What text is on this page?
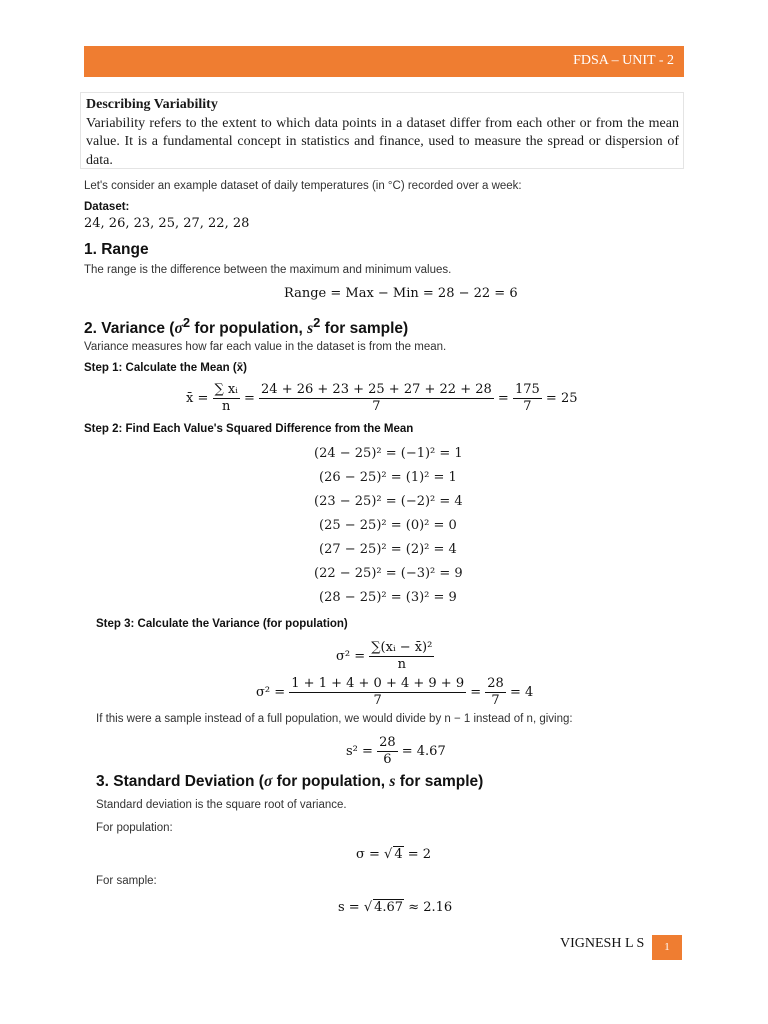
FDSA – UNIT - 2
Describing Variability
Variability refers to the extent to which data points in a dataset differ from each other or from the mean value. It is a fundamental concept in statistics and finance, used to measure the spread or dispersion of data.
Let's consider an example dataset of daily temperatures (in °C) recorded over a week:
Dataset:
24, 26, 23, 25, 27, 22, 28
1. Range
The range is the difference between the maximum and minimum values.
Range = Max − Min = 28 − 22 = 6
2. Variance ($\sigma^2$ for population, $s^2$ for sample)
Variance measures how far each value in the dataset is from the mean.
Step 1: Calculate the Mean (x̄)
x̄ = $\frac{\text{∑ xᵢ}}{n} = \frac{24 + 26 + 23 + 25 + 27 + 22 + 28}{7} = \frac{175}{7} = 25$
Step 2: Find Each Value's Squared Difference from the Mean
(24 − 25)² = (−1)² = 1
(26 − 25)² = (1)² = 1
(23 − 25)² = (−2)² = 4
(25 − 25)² = (0)² = 0
(27 − 25)² = (2)² = 4
(22 − 25)² = (−3)² = 9
(28 − 25)² = (3)² = 9
Step 3: Calculate the Variance (for population)
$\sigma^2 = \frac{\text{∑(xᵢ − x̄)²}}{n}$
$\sigma^2 = \frac{1 + 1 + 4 + 0 + 4 + 9 + 9}{7} = \frac{28}{7} = 4$
If this were a sample instead of a full population, we would divide by n − 1 instead of n, giving:
$s^2 = \frac{28}{6} = 4.67$
3. Standard Deviation (σ for population, s for sample)
Standard deviation is the square root of variance.
For population:
σ = √ 4 = 2
For sample:
s = √ 4.67 ≈ 2.16
VIGNESH L S	1
